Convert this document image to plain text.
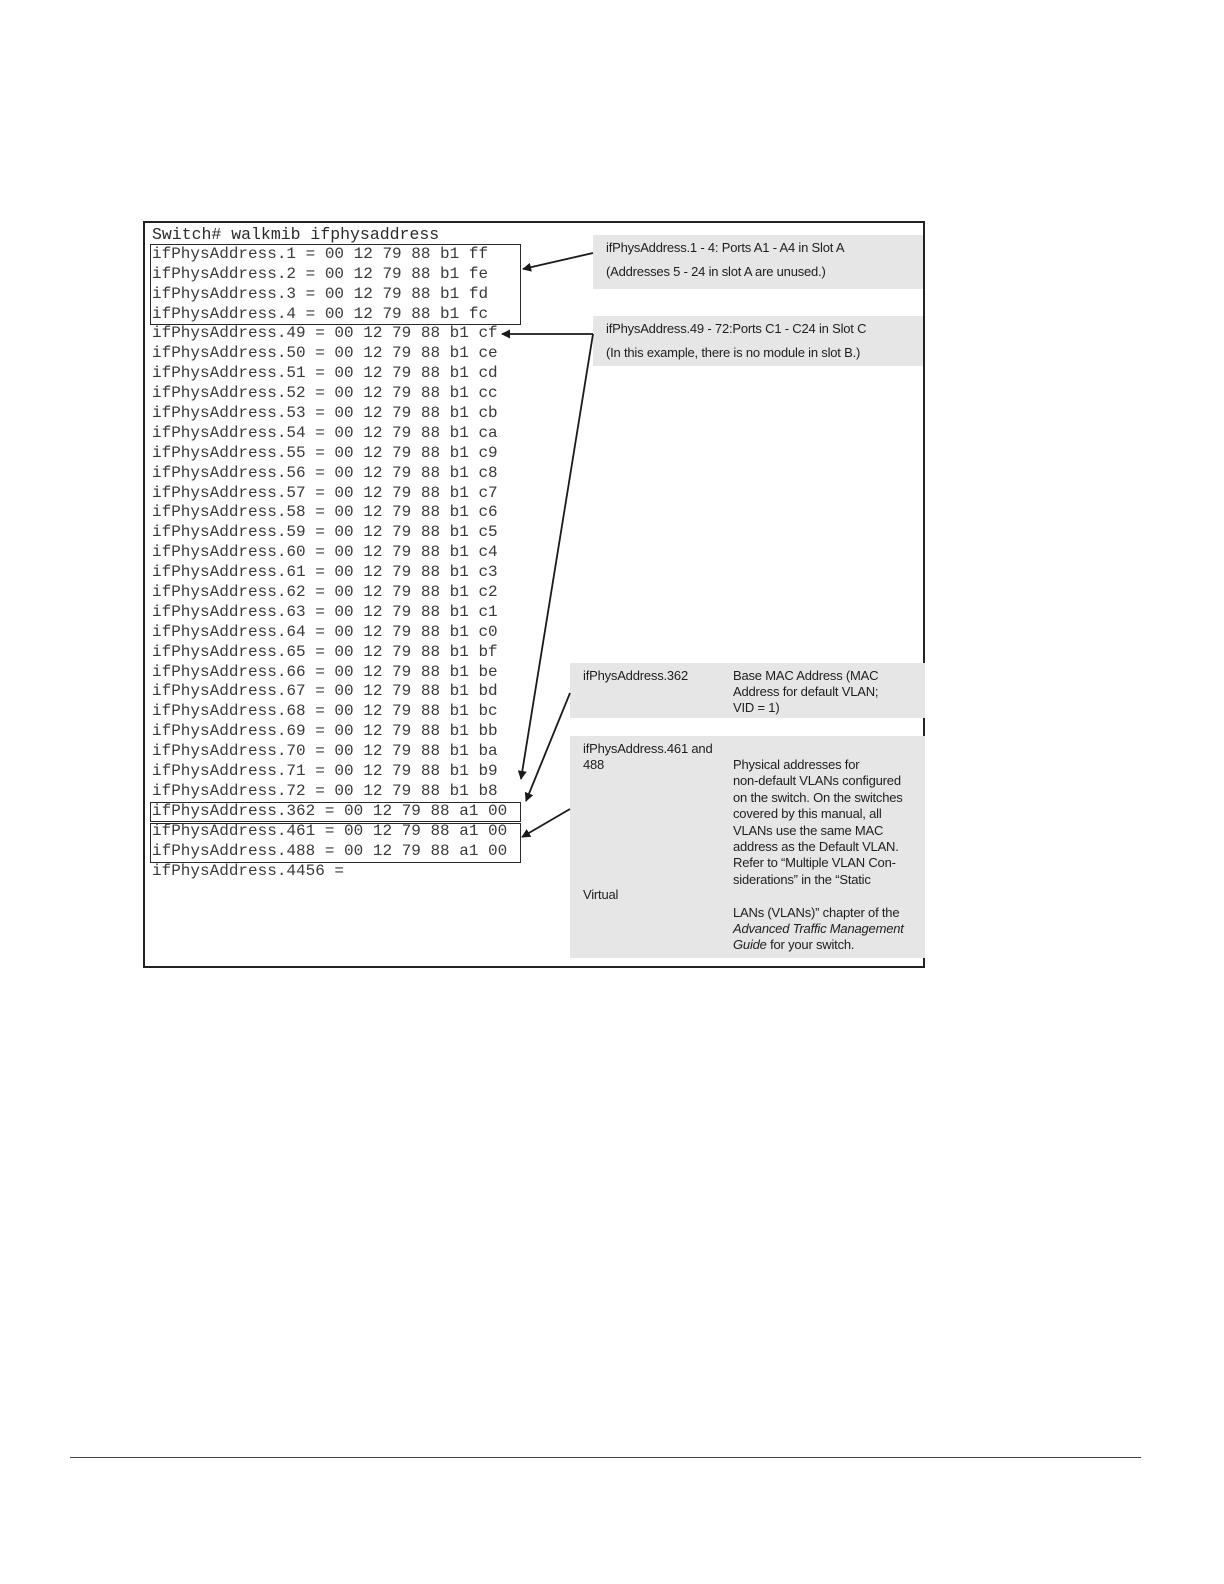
Switch# walkmib ifphysaddress
ifPhysAddress.1 = 00 12 79 88 b1 ff
ifPhysAddress.2 = 00 12 79 88 b1 fe
ifPhysAddress.3 = 00 12 79 88 b1 fd
ifPhysAddress.4 = 00 12 79 88 b1 fc
ifPhysAddress.49 = 00 12 79 88 b1 cf
ifPhysAddress.50 = 00 12 79 88 b1 ce
ifPhysAddress.51 = 00 12 79 88 b1 cd
ifPhysAddress.52 = 00 12 79 88 b1 cc
ifPhysAddress.53 = 00 12 79 88 b1 cb
ifPhysAddress.54 = 00 12 79 88 b1 ca
ifPhysAddress.55 = 00 12 79 88 b1 c9
ifPhysAddress.56 = 00 12 79 88 b1 c8
ifPhysAddress.57 = 00 12 79 88 b1 c7
ifPhysAddress.58 = 00 12 79 88 b1 c6
ifPhysAddress.59 = 00 12 79 88 b1 c5
ifPhysAddress.60 = 00 12 79 88 b1 c4
ifPhysAddress.61 = 00 12 79 88 b1 c3
ifPhysAddress.62 = 00 12 79 88 b1 c2
ifPhysAddress.63 = 00 12 79 88 b1 c1
ifPhysAddress.64 = 00 12 79 88 b1 c0
ifPhysAddress.65 = 00 12 79 88 b1 bf
ifPhysAddress.66 = 00 12 79 88 b1 be
ifPhysAddress.67 = 00 12 79 88 b1 bd
ifPhysAddress.68 = 00 12 79 88 b1 bc
ifPhysAddress.69 = 00 12 79 88 b1 bb
ifPhysAddress.70 = 00 12 79 88 b1 ba
ifPhysAddress.71 = 00 12 79 88 b1 b9
ifPhysAddress.72 = 00 12 79 88 b1 b8
ifPhysAddress.362 = 00 12 79 88 a1 00
ifPhysAddress.461 = 00 12 79 88 a1 00
ifPhysAddress.488 = 00 12 79 88 a1 00
ifPhysAddress.4456 =

ifPhysAddress.1 - 4: Ports A1 - A4 in Slot A

(Addresses 5 - 24 in slot A are unused.)

ifPhysAddress.49 - 72:Ports C1 - C24 in Slot C

(In this example, there is no module in slot B.)

ifPhysAddress.362	Base MAC Address (MAC

Address for default VLAN;

VID = 1)

ifPhysAddress.461 and

488

Virtual

Physical addresses for

non-default VLANs configured

on the switch. On the switches

covered by this manual, all

VLANs use the same MAC

address as the Default VLAN.

Refer to “Multiple VLAN Con-

siderations” in the “Static

LANs (VLANs)” chapter of the

Advanced Traffic Management

Guide for your switch.
